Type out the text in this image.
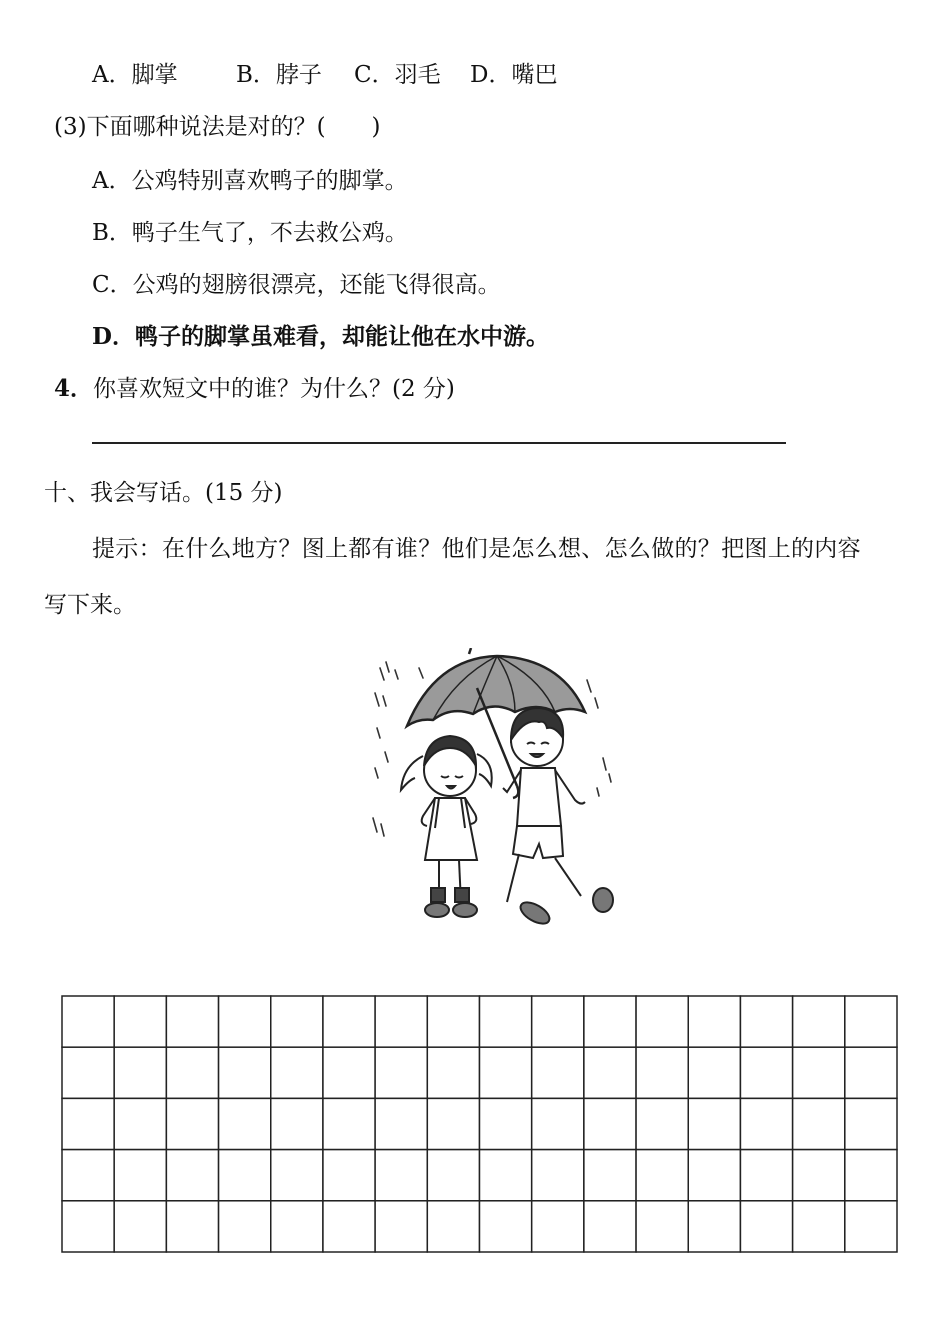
A．脚掌	B．脖子 C．羽毛 D．嘴巴
(3)下面哪种说法是对的？(　　)
A．公鸡特别喜欢鸭子的脚掌。
B．鸭子生气了，不去救公鸡。
C．公鸡的翅膀很漂亮，还能飞得很高。
D．鸭子的脚掌虽难看，却能让他在水中游。
4．你喜欢短文中的谁？为什么？(2 分)
十、我会写话。(15 分)
提示：在什么地方？图上都有谁？他们是怎么想、怎么做的？把图上的内容
写下来。
